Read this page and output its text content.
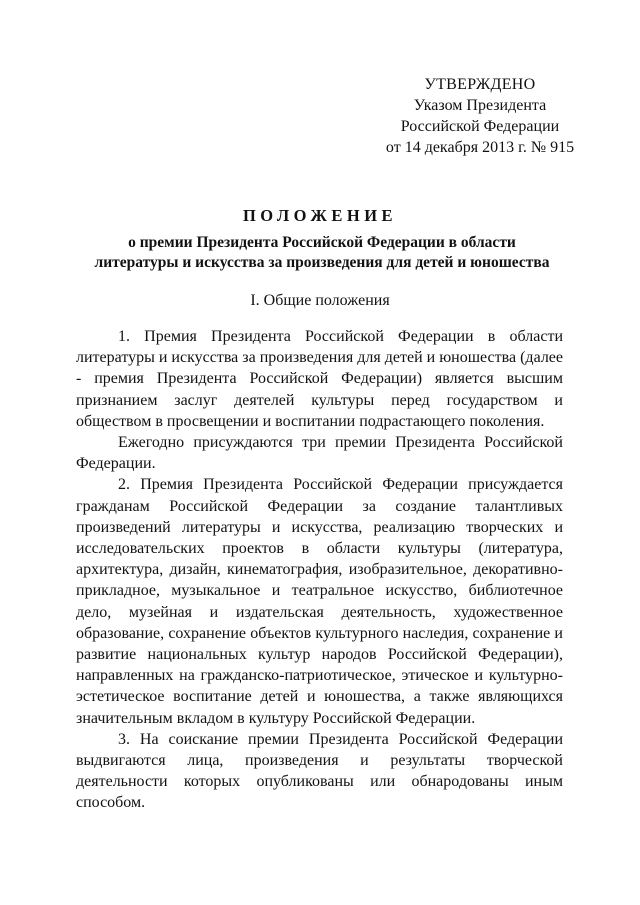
УТВЕРЖДЕНО
Указом Президента
Российской Федерации
от 14 декабря 2013 г. № 915
ПОЛОЖЕНИЕ
о премии Президента Российской Федерации в области
литературы и искусства за произведения для детей и юношества
I. Общие положения

1. Премия Президента Российской Федерации в области литературы и искусства за произведения для детей и юношества (далее - премия Президента Российской Федерации) является высшим признанием заслуг деятелей культуры перед государством и обществом в просвещении и воспитании подрастающего поколения.

Ежегодно присуждаются три премии Президента Российской Федерации.

2. Премия Президента Российской Федерации присуждается гражданам Российской Федерации за создание талантливых произведений литературы и искусства, реализацию творческих и исследовательских проектов в области культуры (литература, архитектура, дизайн, кинематография, изобразительное, декоративно-прикладное, музыкальное и театральное искусство, библиотечное дело, музейная и издательская деятельность, художественное образование, сохранение объектов культурного наследия, сохранение и развитие национальных культур народов Российской Федерации), направленных на гражданско-патриотическое, этическое и культурно-эстетическое воспитание детей и юношества, а также являющихся значительным вкладом в культуру Российской Федерации.

3. На соискание премии Президента Российской Федерации выдвигаются лица, произведения и результаты творческой деятельности которых опубликованы или обнародованы иным способом.
